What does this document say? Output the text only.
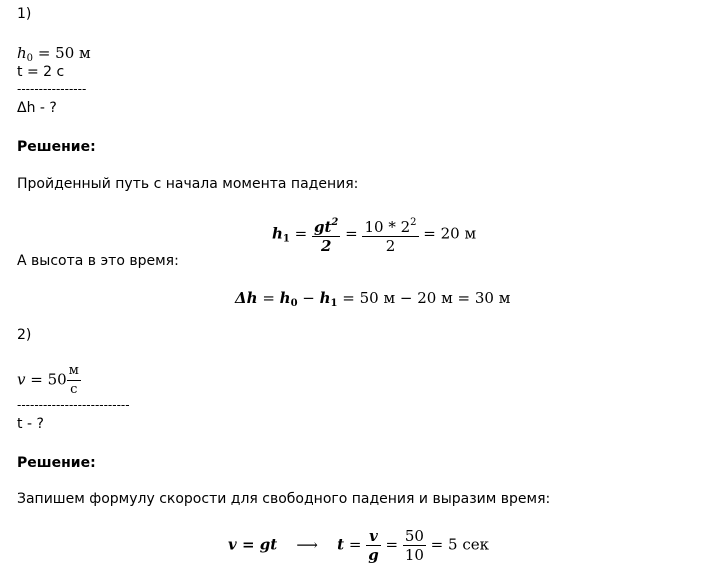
1)
$h_0 = 50$ м
t = 2 с
----------------
Δh - ?
Решение:
Пройденный путь с начала момента падения:
$h_1 = \frac{gt^2}{2} = \frac{10 * 2^2}{2} = 20$ м
А высота в это время:
$\Delta h = h_0 - h_1 = 50$ м − 20 м = 30 м
2)
$v = 50 \frac{м}{с}$
--------------------------
t - ?
Решение:
Запишем формулу скорости для свободного падения и выразим время:
v = gt ⟶ $t = \frac{v}{g} = \frac{50}{10} = 5$ сек
